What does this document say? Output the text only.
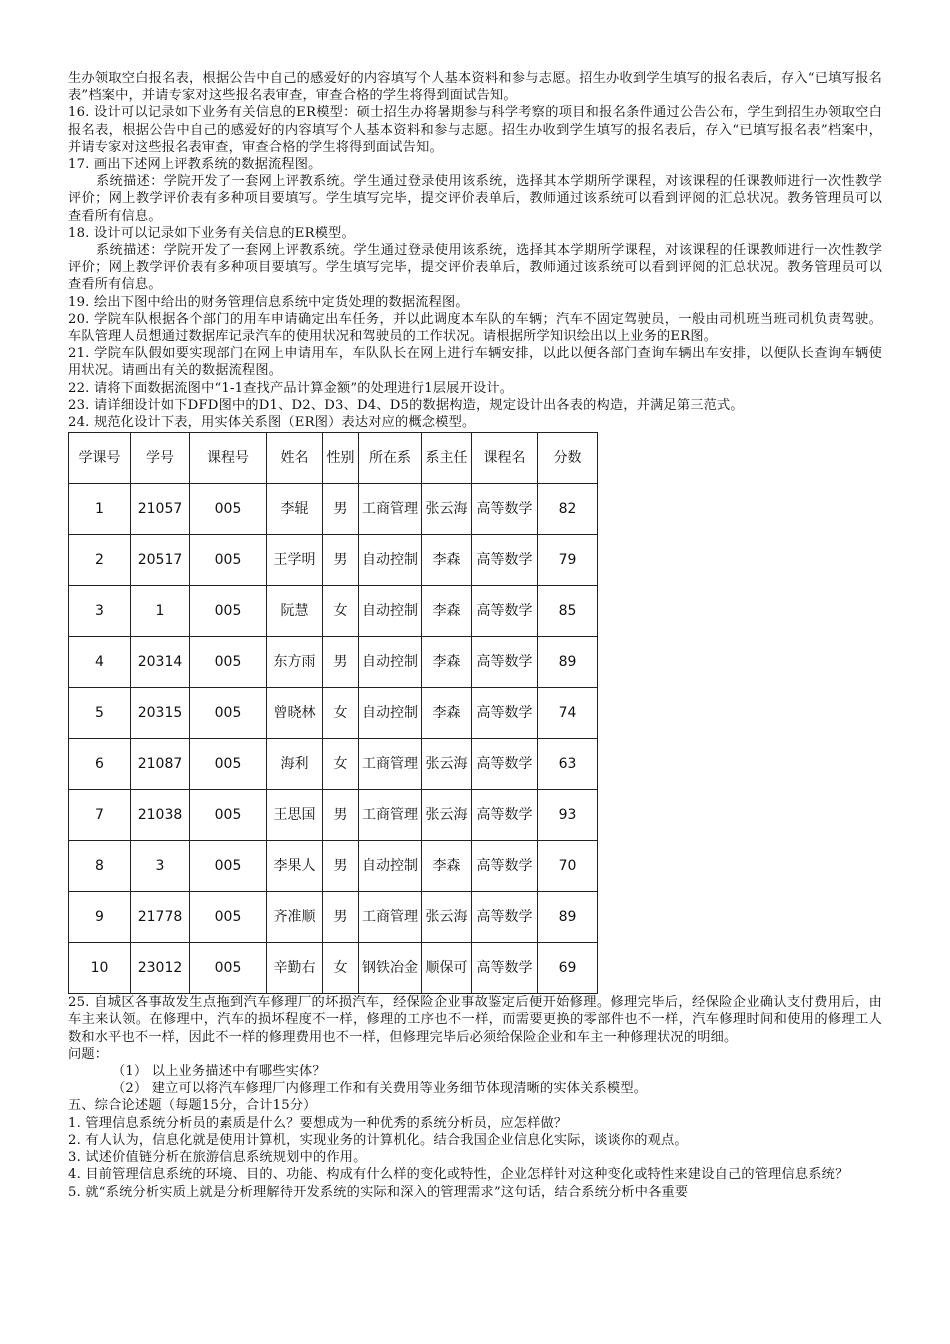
生办领取空白报名表，根据公告中自己的感爱好的内容填写个人基本资料和参与志愿。招生办收到学生填写的报名表后，存入“已填写报名表”档案中，并请专家对这些报名表审查，审查合格的学生将得到面试告知。

16. 设计可以记录如下业务有关信息的ER模型：硕士招生办将暑期参与科学考察的项目和报名条件通过公告公布，学生到招生办领取空白报名表，根据公告中自己的感爱好的内容填写个人基本资料和参与志愿。招生办收到学生填写的报名表后，存入“已填写报名表”档案中，并请专家对这些报名表审查，审查合格的学生将得到面试告知。

17. 画出下述网上评教系统的数据流程图。

系统描述：学院开发了一套网上评教系统。学生通过登录使用该系统，选择其本学期所学课程，对该课程的任课教师进行一次性教学评价；网上教学评价表有多种项目要填写。学生填写完毕，提交评价表单后，教师通过该系统可以看到评阅的汇总状况。教务管理员可以查看所有信息。

18. 设计可以记录如下业务有关信息的ER模型。

系统描述：学院开发了一套网上评教系统。学生通过登录使用该系统，选择其本学期所学课程，对该课程的任课教师进行一次性教学评价；网上教学评价表有多种项目要填写。学生填写完毕，提交评价表单后，教师通过该系统可以看到评阅的汇总状况。教务管理员可以查看所有信息。

19. 绘出下图中给出的财务管理信息系统中定货处理的数据流程图。

20. 学院车队根据各个部门的用车申请确定出车任务，并以此调度本车队的车辆；汽车不固定驾驶员，一般由司机班当班司机负责驾驶。车队管理人员想通过数据库记录汽车的使用状况和驾驶员的工作状况。请根据所学知识绘出以上业务的ER图。

21. 学院车队假如要实现部门在网上申请用车，车队队长在网上进行车辆安排，以此以便各部门查询车辆出车安排，以便队长查询车辆使用状况。请画出有关的数据流程图。

22. 请将下面数据流图中“1-1查找产品计算金额”的处理进行1层展开设计。

23. 请详细设计如下DFD图中的D1、D2、D3、D4、D5的数据构造，规定设计出各表的构造，并满足第三范式。

24. 规范化设计下表，用实体关系图（ER图）表达对应的概念模型。

学课号	学号	课程号	姓名	性别	所在系	系主任	课程名	分数
1	21057	005	李辊	男	工商管理	张云海	高等数学	82
2	20517	005	王学明	男	自动控制	李森	高等数学	79
3	1	005	阮慧	女	自动控制	李森	高等数学	85
4	20314	005	东方雨	男	自动控制	李森	高等数学	89
5	20315	005	曾晓林	女	自动控制	李森	高等数学	74
6	21087	005	海利	女	工商管理	张云海	高等数学	63
7	21038	005	王思国	男	工商管理	张云海	高等数学	93
8	3	005	李果人	男	自动控制	李森	高等数学	70
9	21778	005	齐准顺	男	工商管理	张云海	高等数学	89
10	23012	005	辛勤右	女	钢铁冶金	顺保可	高等数学	69

25. 自城区各事故发生点拖到汽车修理厂的坏损汽车，经保险企业事故鉴定后便开始修理。修理完毕后，经保险企业确认支付费用后，由车主来认领。在修理中，汽车的损坏程度不一样，修理的工序也不一样，而需要更换的零部件也不一样，汽车修理时间和使用的修理工人数和水平也不一样，因此不一样的修理费用也不一样，但修理完毕后必须给保险企业和车主一种修理状况的明细。

问题：

（1） 以上业务描述中有哪些实体？

（2） 建立可以将汽车修理厂内修理工作和有关费用等业务细节体现清晰的实体关系模型。

五、综合论述题（每题15分，合计15分）

1. 管理信息系统分析员的素质是什么？要想成为一种优秀的系统分析员，应怎样做？

2. 有人认为，信息化就是使用计算机，实现业务的计算机化。结合我国企业信息化实际，谈谈你的观点。

3. 试述价值链分析在旅游信息系统规划中的作用。

4. 目前管理信息系统的环境、目的、功能、构成有什么样的变化或特性，企业怎样针对这种变化或特性来建设自己的管理信息系统？

5. 就“系统分析实质上就是分析理解待开发系统的实际和深入的管理需求”这句话，结合系统分析中各重要
